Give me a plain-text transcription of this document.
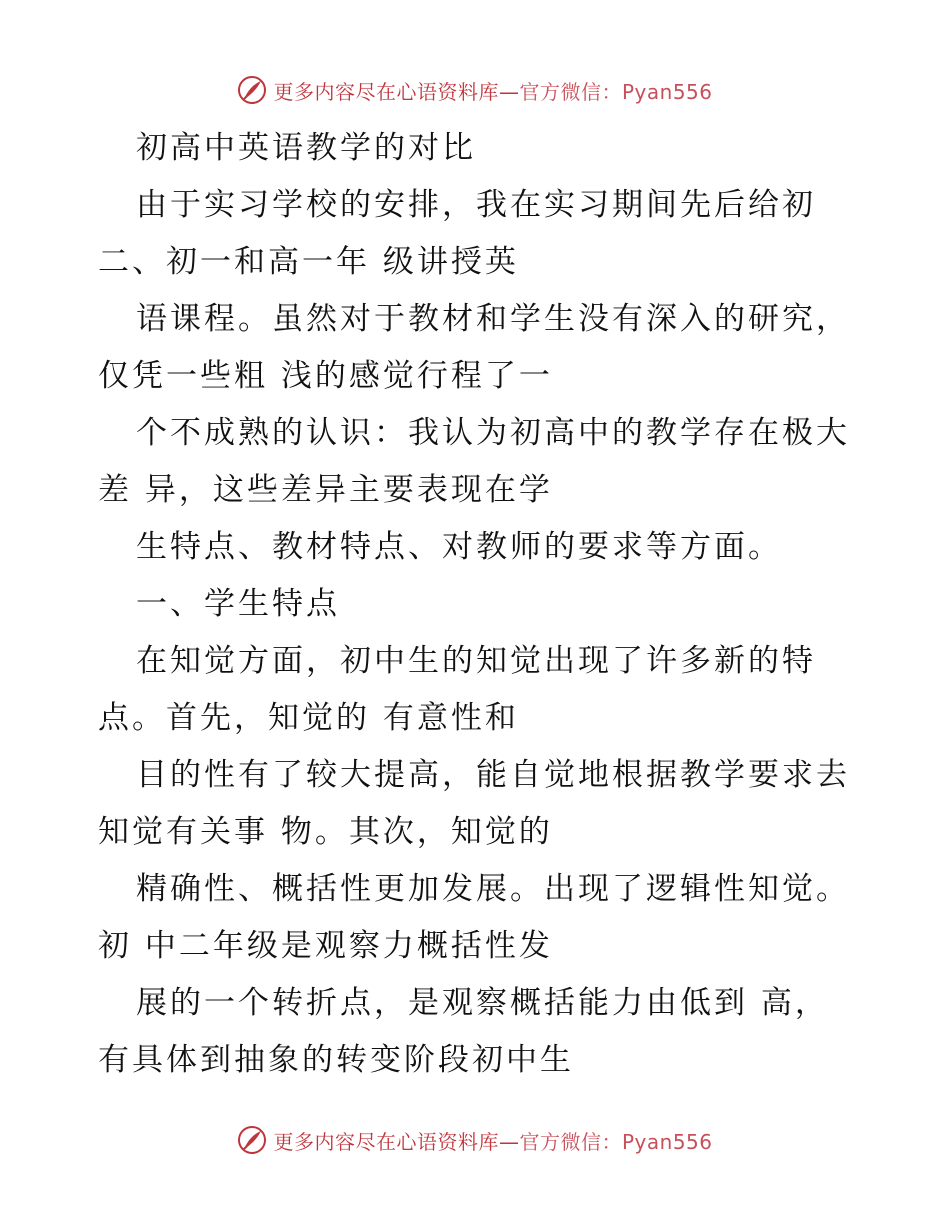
更多内容尽在心语资料库—官方微信：Pyan556
初高中英语教学的对比
由于实习学校的安排，我在实习期间先后给初
二、初一和高一年 级讲授英
语课程。虽然对于教材和学生没有深入的研究，
仅凭一些粗 浅的感觉行程了一
个不成熟的认识：我认为初高中的教学存在极大
差 异，这些差异主要表现在学
生特点、教材特点、对教师的要求等方面。
一、学生特点
在知觉方面，初中生的知觉出现了许多新的特
点。首先，知觉的 有意性和
目的性有了较大提高，能自觉地根据教学要求去
知觉有关事 物。其次，知觉的
精确性、概括性更加发展。出现了逻辑性知觉。
初 中二年级是观察力概括性发
展的一个转折点，是观察概括能力由低到 高，
有具体到抽象的转变阶段初中生
更多内容尽在心语资料库—官方微信：Pyan556
